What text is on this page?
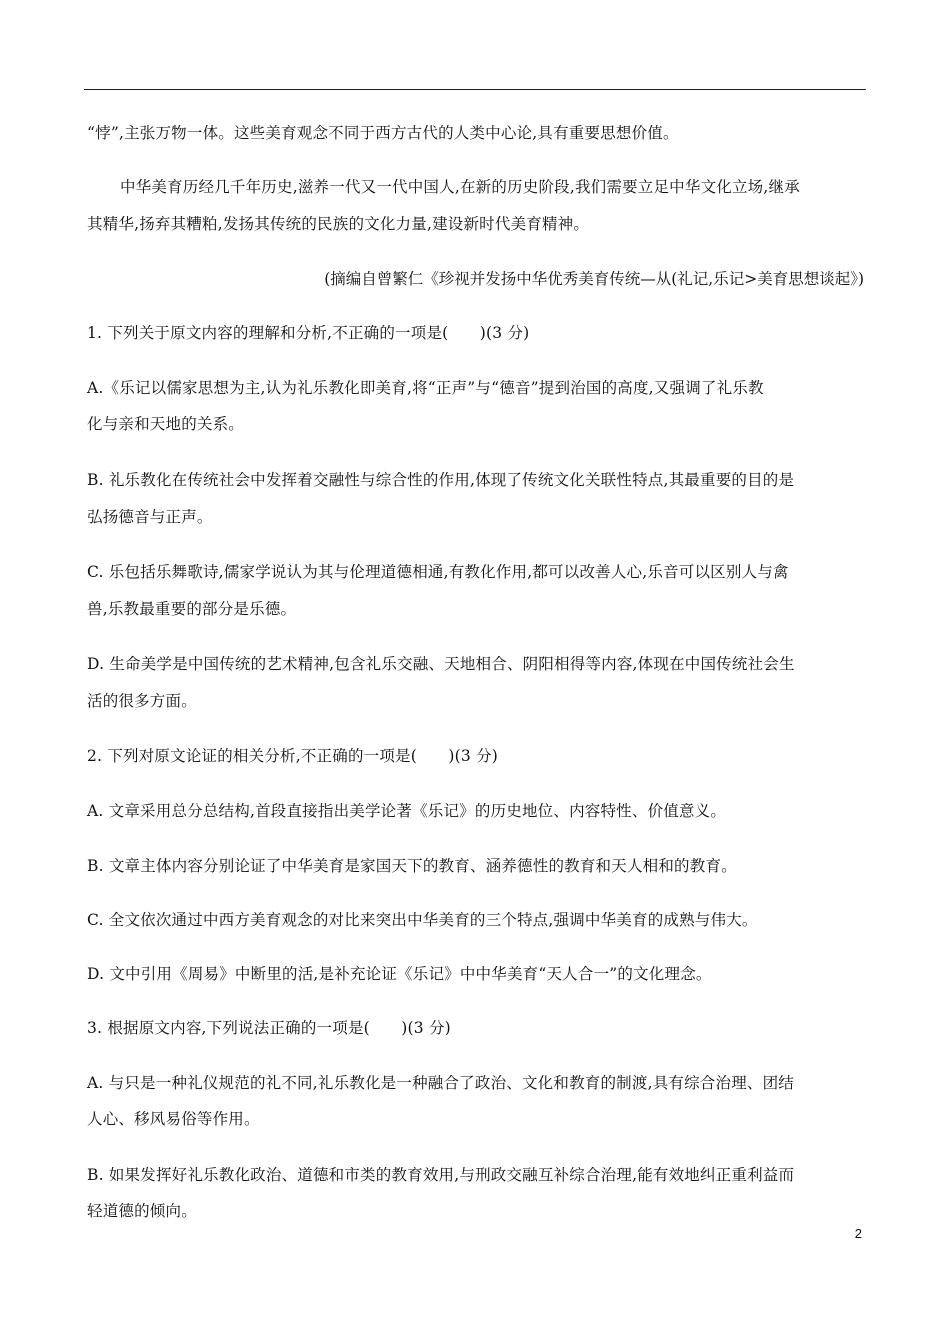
“悖”,主张万物一体。这些美育观念不同于西方古代的人类中心论,具有重要思想价值。
中华美育历经几千年历史,滋养一代又一代中国人,在新的历史阶段,我们需要立足中华文化立场,继承
其精华,扬弃其糟粕,发扬其传统的民族的文化力量,建设新时代美育精神。
(摘编自曾繁仁《珍视并发扬中华优秀美育传统—从(礼记,乐记>美育思想谈起》)
1. 下列关于原文内容的理解和分析,不正确的一项是(　　)(3 分)
A.《乐记以儒家思想为主,认为礼乐教化即美育,将“正声”与“德音”提到治国的高度,又强调了礼乐教
化与亲和天地的关系。
B. 礼乐教化在传统社会中发挥着交融性与综合性的作用,体现了传统文化关联性特点,其最重要的目的是
弘扬德音与正声。
C. 乐包括乐舞歌诗,儒家学说认为其与伦理道德相通,有教化作用,都可以改善人心,乐音可以区别人与禽
兽,乐教最重要的部分是乐德。
D. 生命美学是中国传统的艺术精神,包含礼乐交融、天地相合、阴阳相得等内容,体现在中国传统社会生
活的很多方面。
2. 下列对原文论证的相关分析,不正确的一项是(　　)(3 分)
A. 文章采用总分总结构,首段直接指出美学论著《乐记》的历史地位、内容特性、价值意义。
B. 文章主体内容分别论证了中华美育是家国天下的教育、涵养德性的教育和天人相和的教育。
C. 全文依次通过中西方美育观念的对比来突出中华美育的三个特点,强调中华美育的成熟与伟大。
D. 文中引用《周易》中断里的活,是补充论证《乐记》中中华美育“天人合一”的文化理念。
3. 根据原文内容,下列说法正确的一项是(　　)(3 分)
A. 与只是一种礼仪规范的礼不同,礼乐教化是一种融合了政治、文化和教育的制渡,具有综合治理、团结
人心、移风易俗等作用。
B. 如果发挥好礼乐教化政治、道德和市类的教育效用,与刑政交融互补综合治理,能有效地纠正重利益而
轻道德的倾向。
2
